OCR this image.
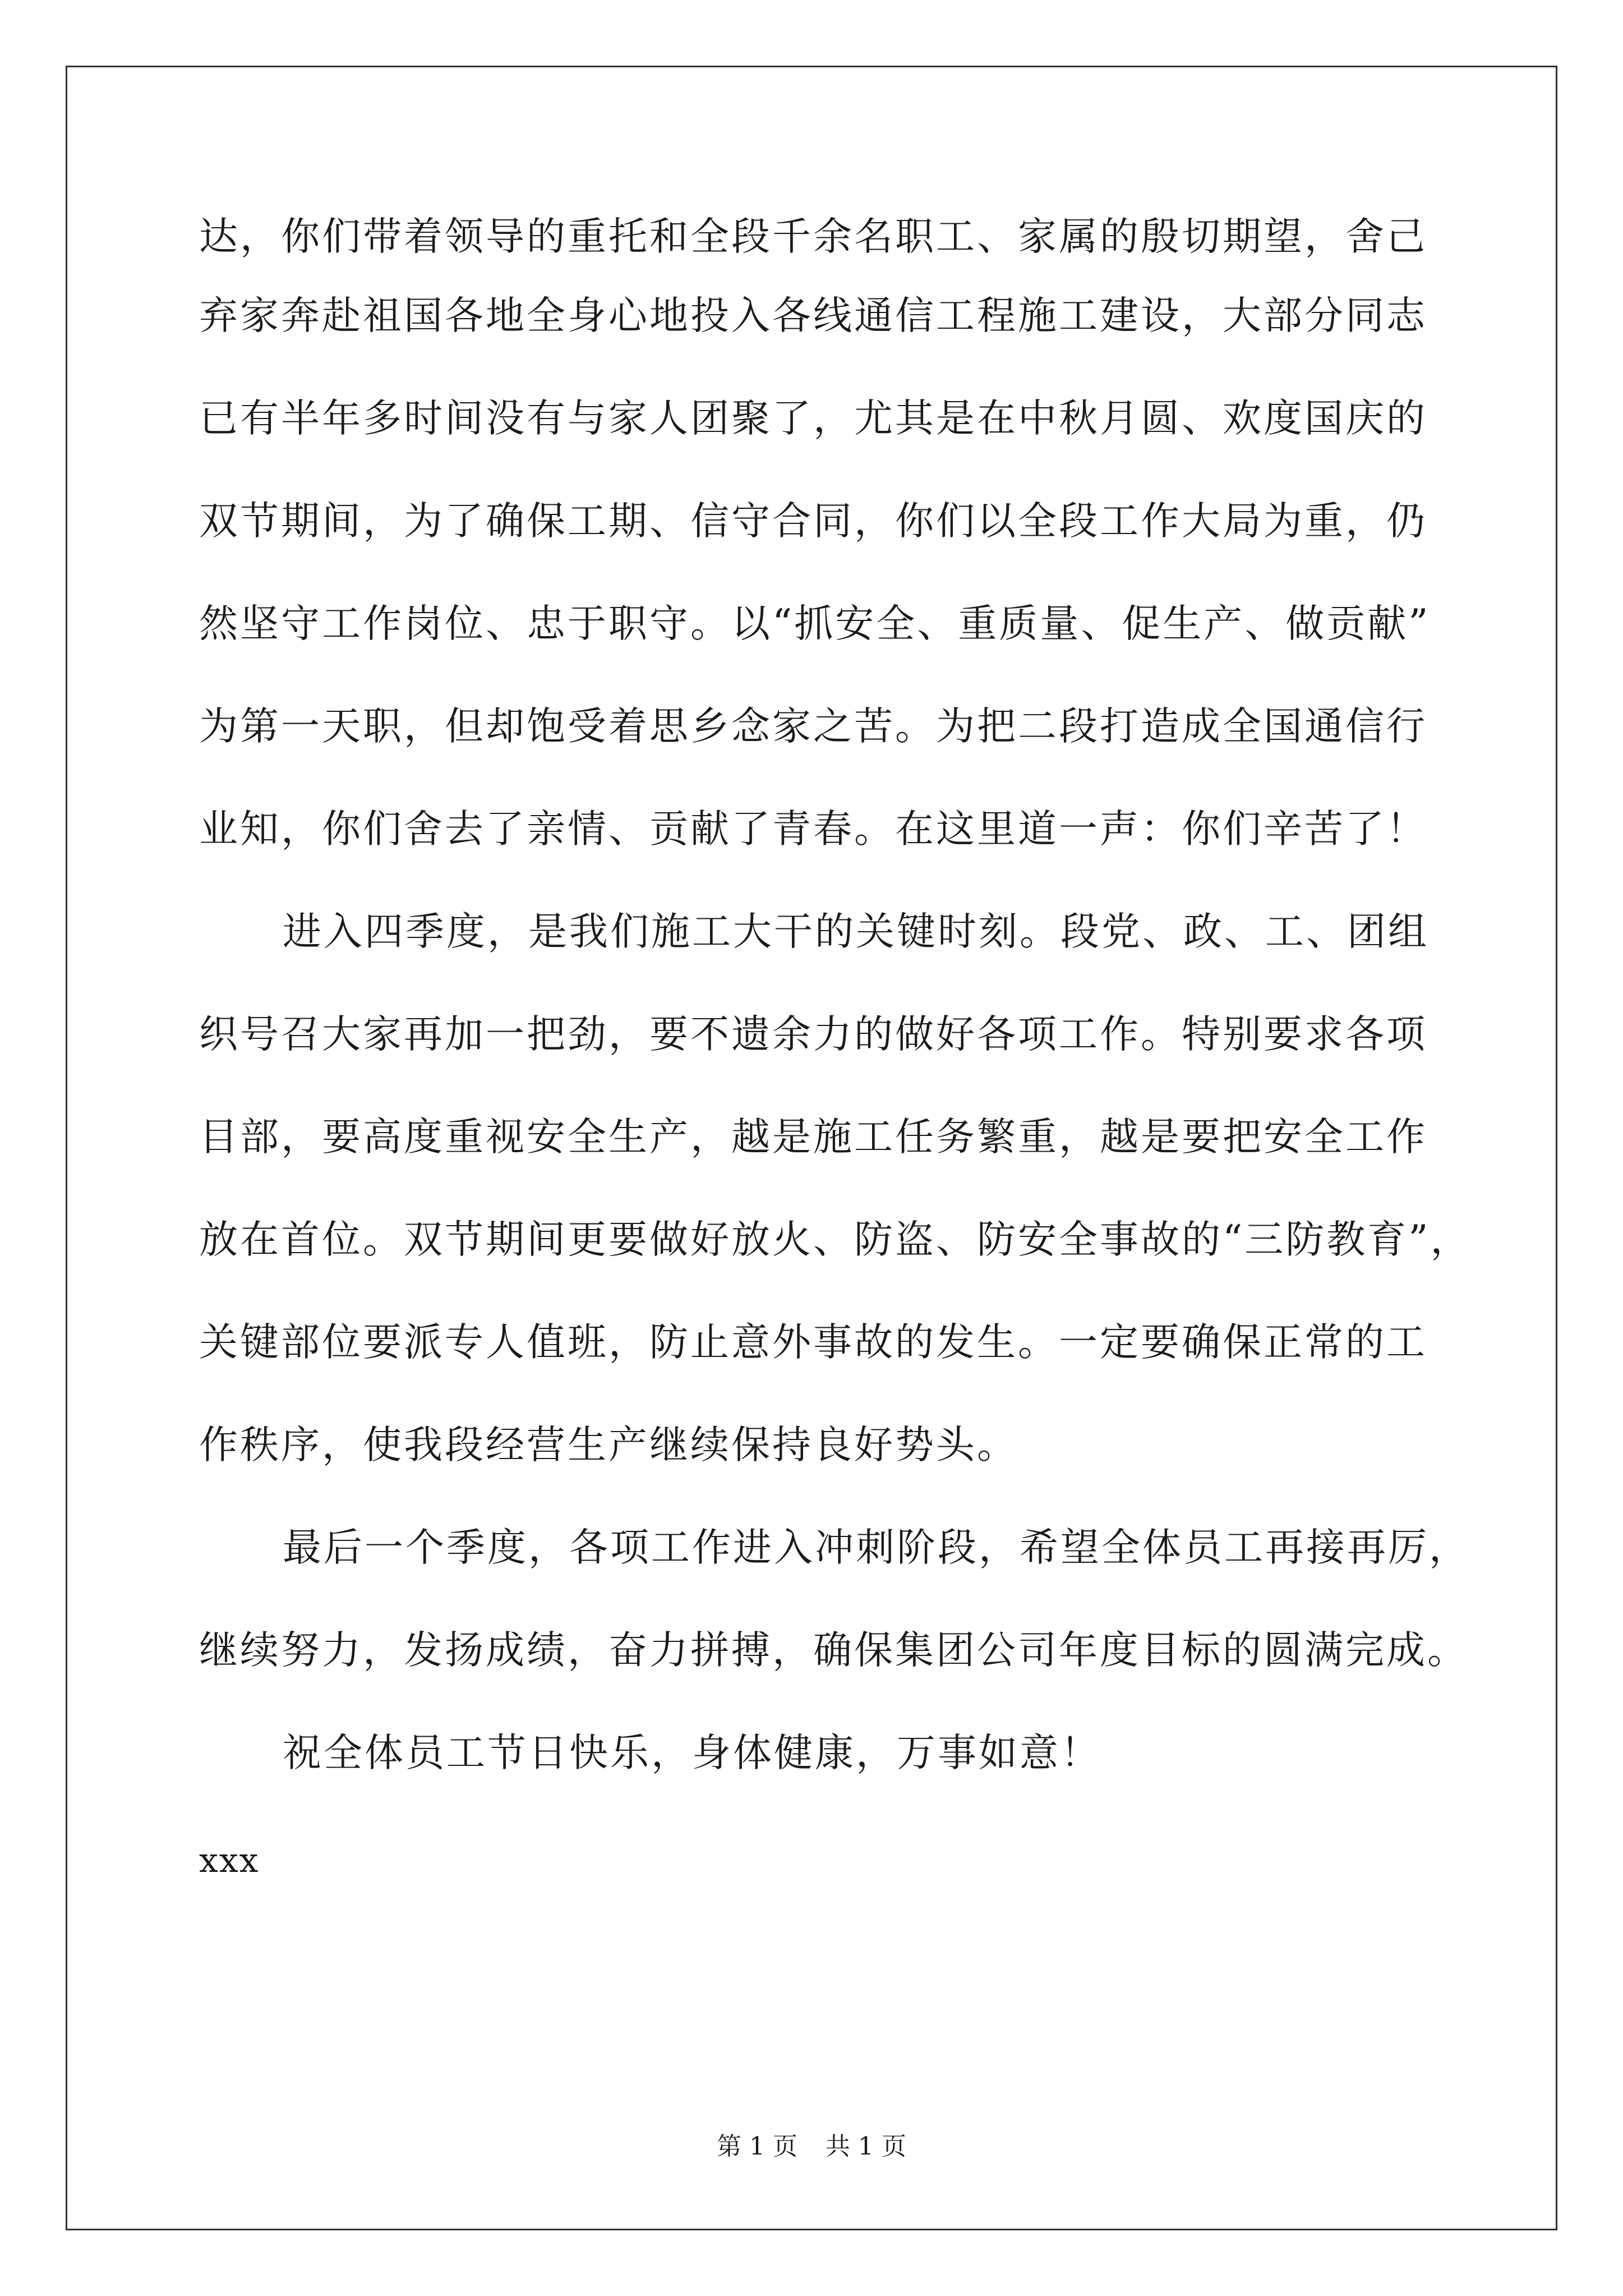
达，你们带着领导的重托和全段千余名职工、家属的殷切期望，舍己
弃家奔赴祖国各地全身心地投入各线通信工程施工建设，大部分同志
已有半年多时间没有与家人团聚了，尤其是在中秋月圆、欢度国庆的
双节期间，为了确保工期、信守合同，你们以全段工作大局为重，仍
然坚守工作岗位、忠于职守。以“抓安全、重质量、促生产、做贡献”
为第一天职，但却饱受着思乡念家之苦。为把二段打造成全国通信行
业知，你们舍去了亲情、贡献了青春。在这里道一声：你们辛苦了！
进入四季度，是我们施工大干的关键时刻。段党、政、工、团组
织号召大家再加一把劲，要不遗余力的做好各项工作。特别要求各项
目部，要高度重视安全生产，越是施工任务繁重，越是要把安全工作
放在首位。双节期间更要做好放火、防盗、防安全事故的“三防教育”，
关键部位要派专人值班，防止意外事故的发生。一定要确保正常的工
作秩序，使我段经营生产继续保持良好势头。
最后一个季度，各项工作进入冲刺阶段，希望全体员工再接再厉，
继续努力，发扬成绩，奋力拼搏，确保集团公司年度目标的圆满完成。
祝全体员工节日快乐，身体健康，万事如意！
xxx
第 1 页 共 1 页
